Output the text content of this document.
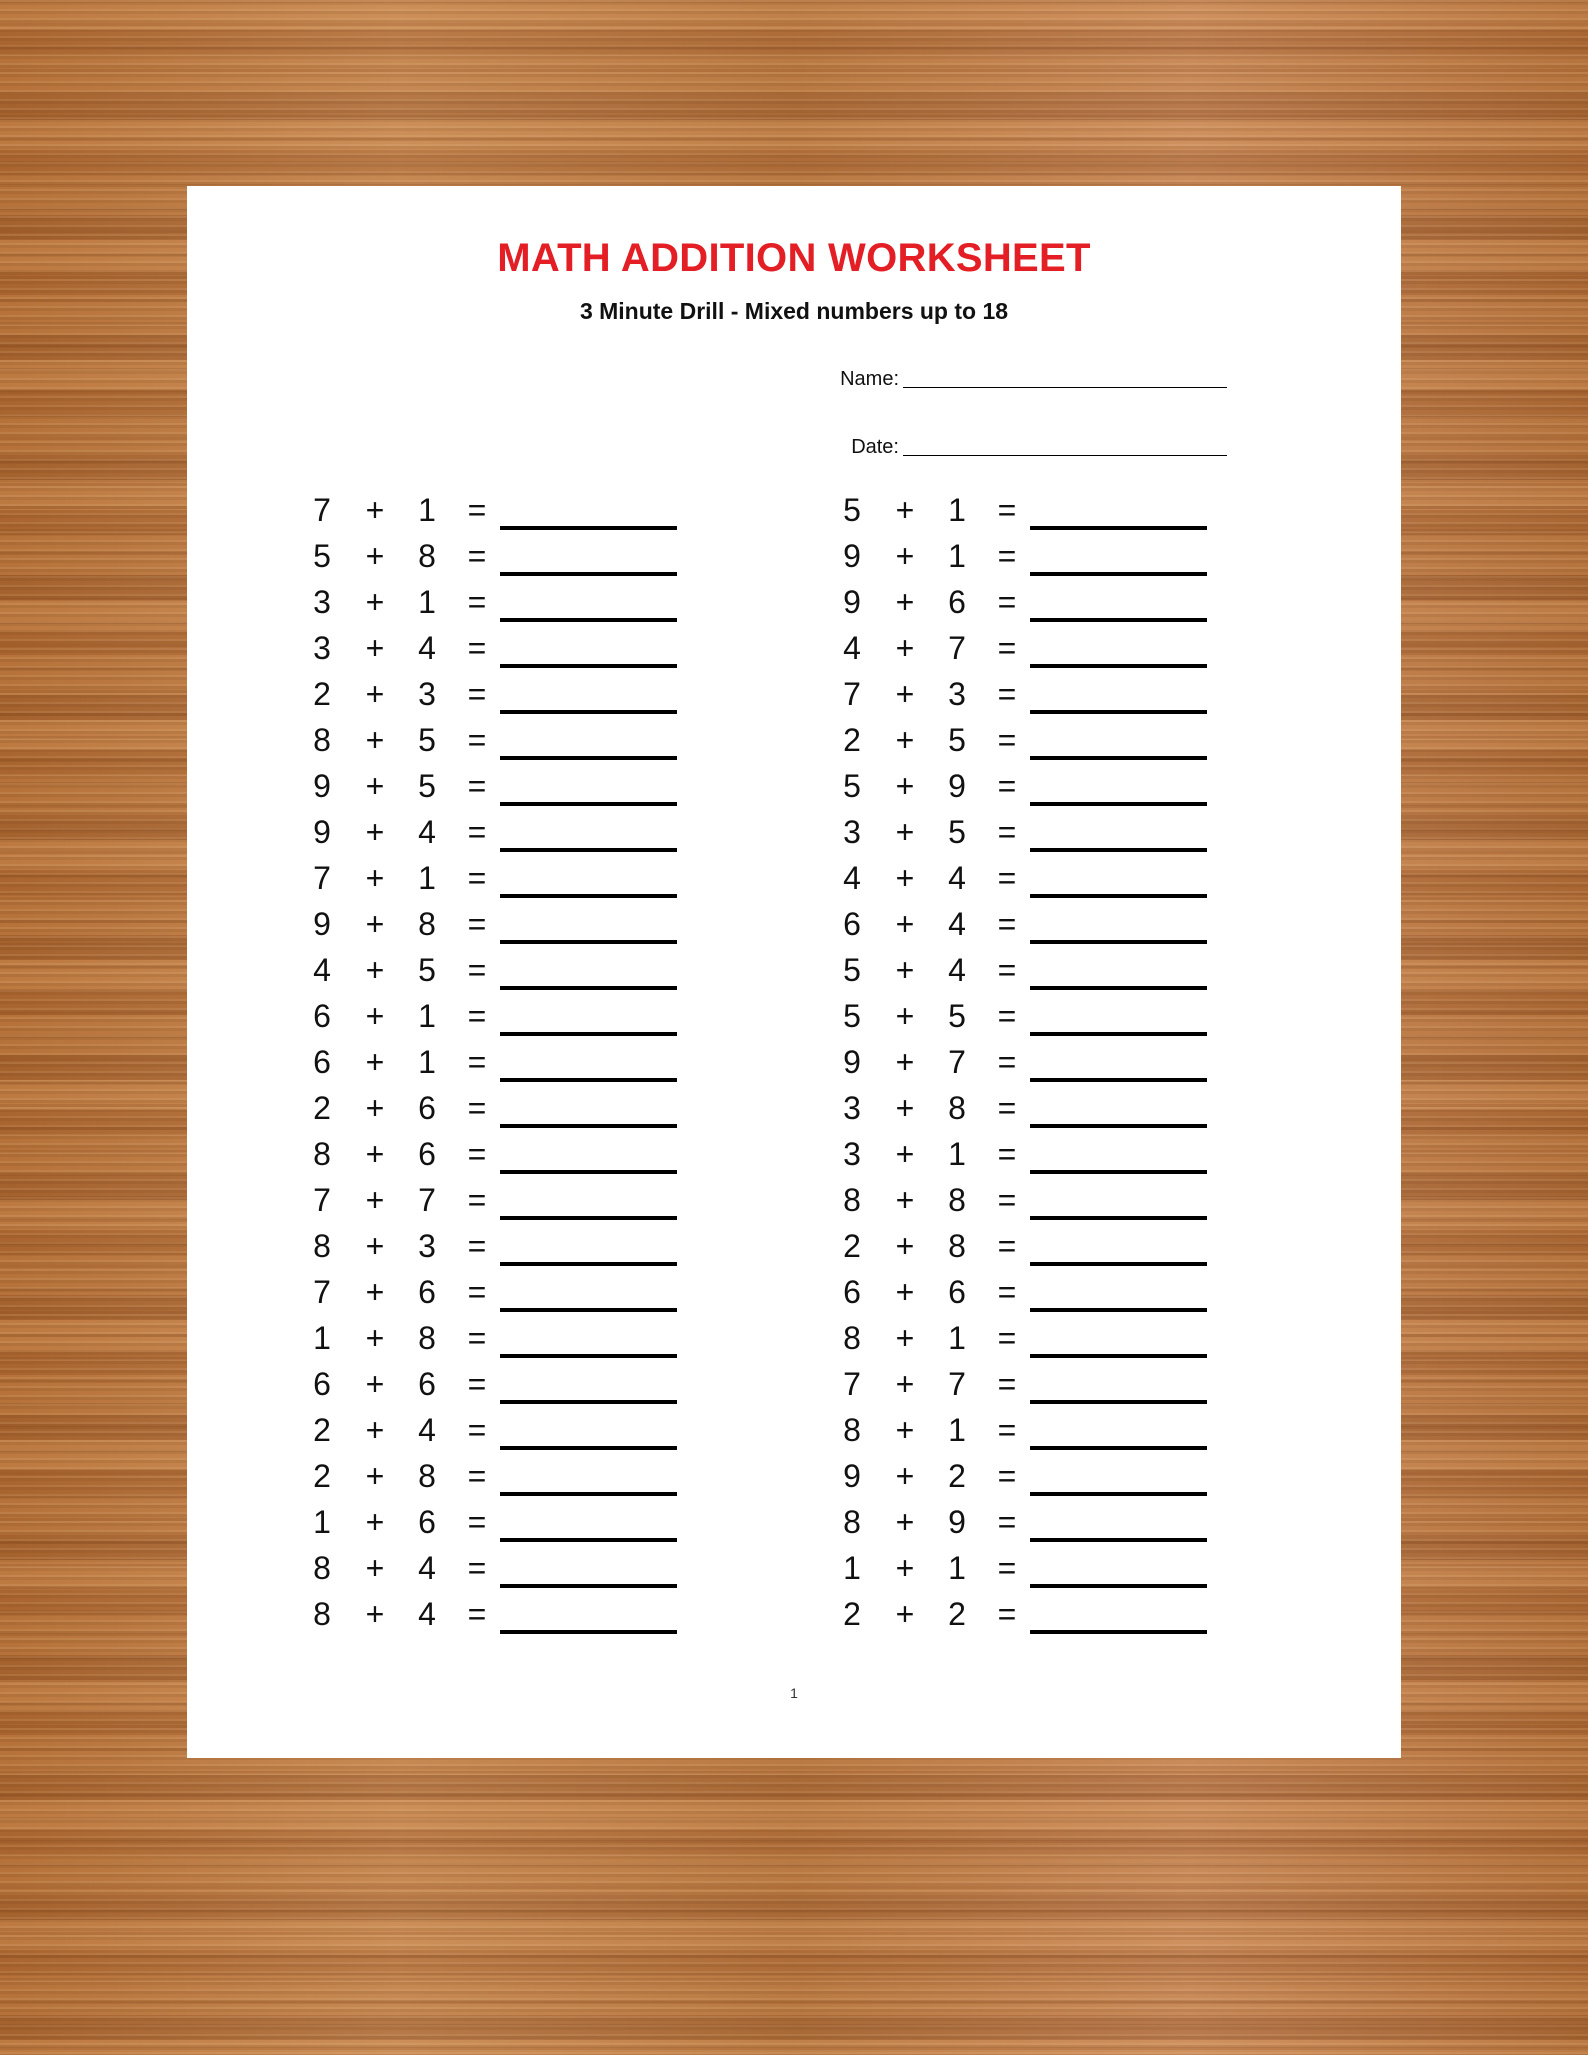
MATH ADDITION WORKSHEET
3 Minute Drill - Mixed numbers up to 18
Name:
Date:
7 + 1 =
5 + 8 =
3 + 1 =
3 + 4 =
2 + 3 =
8 + 5 =
9 + 5 =
9 + 4 =
7 + 1 =
9 + 8 =
4 + 5 =
6 + 1 =
6 + 1 =
2 + 6 =
8 + 6 =
7 + 7 =
8 + 3 =
7 + 6 =
1 + 8 =
6 + 6 =
2 + 4 =
2 + 8 =
1 + 6 =
8 + 4 =
8 + 4 =
5 + 1 =
9 + 1 =
9 + 6 =
4 + 7 =
7 + 3 =
2 + 5 =
5 + 9 =
3 + 5 =
4 + 4 =
6 + 4 =
5 + 4 =
5 + 5 =
9 + 7 =
3 + 8 =
3 + 1 =
8 + 8 =
2 + 8 =
6 + 6 =
8 + 1 =
7 + 7 =
8 + 1 =
9 + 2 =
8 + 9 =
1 + 1 =
2 + 2 =
1
